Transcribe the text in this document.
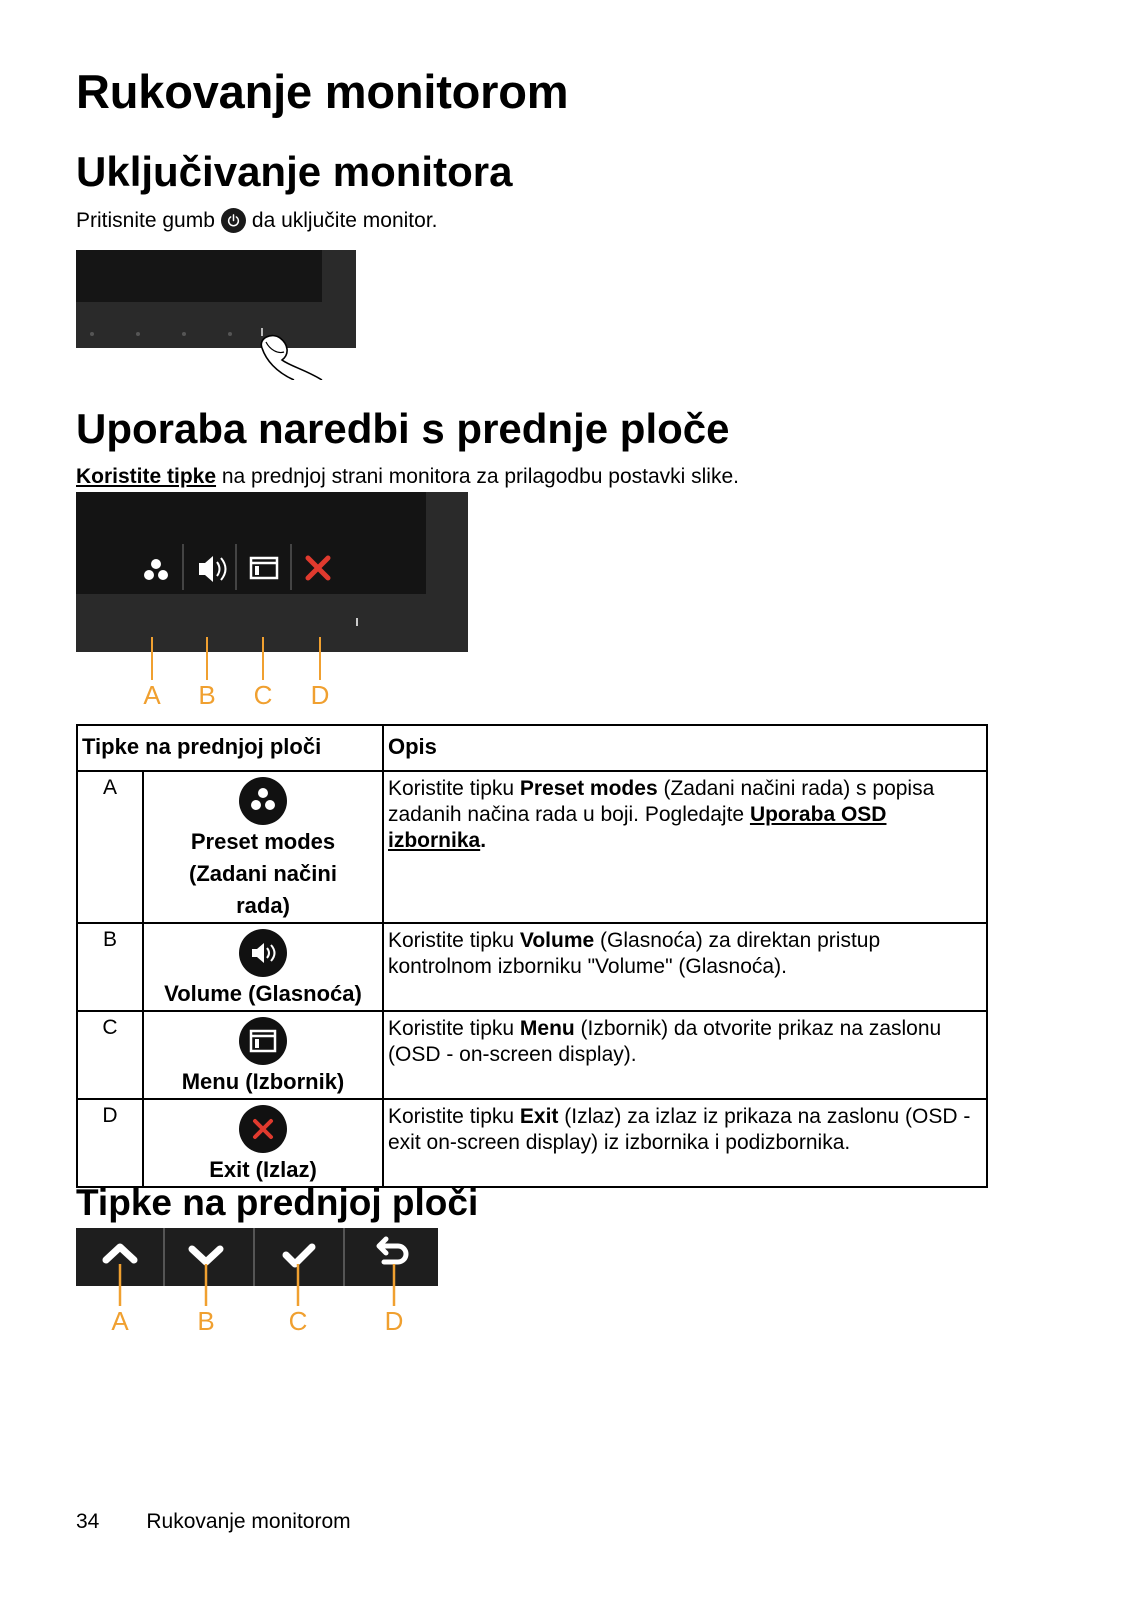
Rukovanje monitorom
Uključivanje monitora
Pritisnite gumb da uključite monitor.
Uporaba naredbi s prednje ploče
Koristite tipke na prednjoj strani monitora za prilagodbu postavki slike.
A B C D
Tipke na prednjoj ploči		Opis
A	Preset modes (Zadani načini rada)	Koristite tipku Preset modes (Zadani načini rada) s popisa zadanih načina rada u boji. Pogledajte Uporaba OSD izbornika.
B	Volume (Glasnoća)	Koristite tipku Volume (Glasnoća) za direktan pristup kontrolnom izborniku "Volume" (Glasnoća).
C	Menu (Izbornik)	Koristite tipku Menu (Izbornik) da otvorite prikaz na zaslonu (OSD - on-screen display).
D	Exit (Izlaz)	Koristite tipku Exit (Izlaz) za izlaz iz prikaza na zaslonu (OSD - exit on-screen display) iz izbornika i podizbornika.
Tipke na prednjoj ploči
A	B	C	D
34 Rukovanje monitorom
